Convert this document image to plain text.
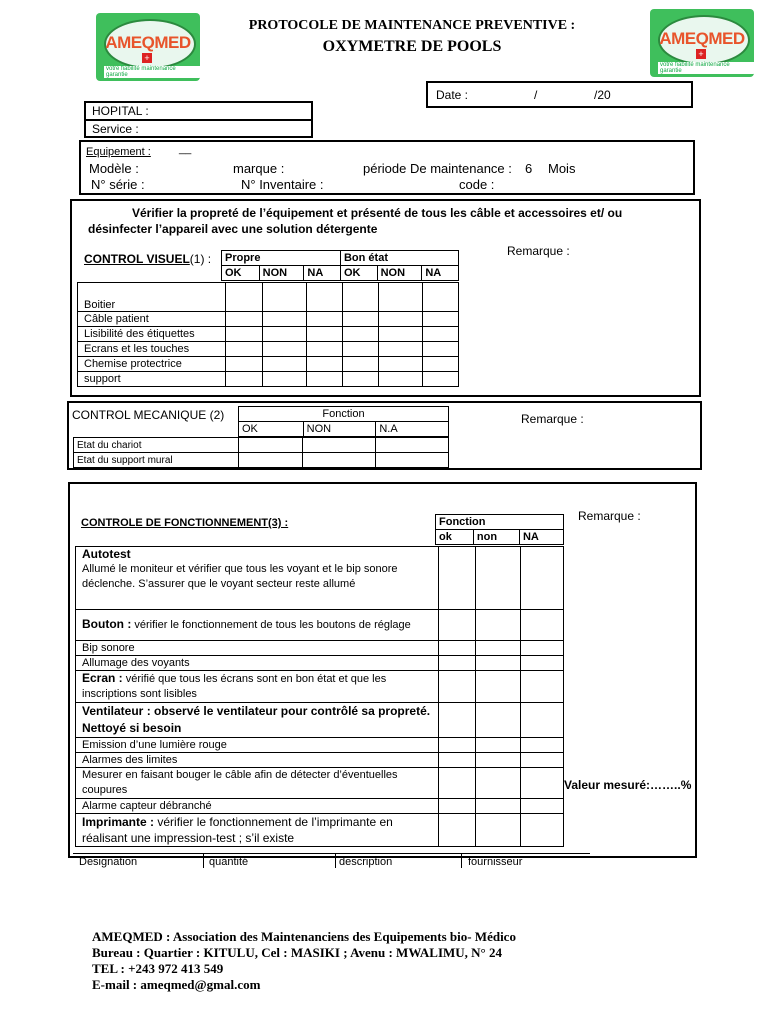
AMEQMED
+
votre fiabilité maintenance garantie
AMEQMED
+
votre fiabilité maintenance garantie
PROTOCOLE DE MAINTENANCE PREVENTIVE :
OXYMETRE DE POOLS
Date :	/	/20
HOPITAL :
Service :
Equipement :	__
Modèle :	marque :	période De maintenance : 6 Mois
N° série :	N° Inventaire :	code :
Vérifier la propreté de l’équipement et présenté de tous les câble et accessoires et/ ou désinfecter l’appareil avec une solution détergente
CONTROL VISUEL(1) :
Remarque :
Propre			Bon état		
OK	NON	NA	OK	NON	NA
Boitier						
Câble patient						
Lisibilité des étiquettes						
Ecrans et les touches						
Chemise protectrice						
support						
CONTROL MECANIQUE (2)	Remarque :
Fonction
OK	NON	N.A
Etat du chariot			
Etat du support mural			
CONTROLE DE FONCTIONNEMENT(3) :	Remarque :
Fonction
ok	non	NA
Valeur mesuré:……..%
Autotest
Allumé le moniteur et vérifier que tous les voyant et le bip sonore déclenche. S’assurer que le voyant secteur reste allumé			

Bouton : vérifier le fonctionnement de tous les boutons de réglage			
Bip sonore			
Allumage des voyants			
Ecran : vérifié que tous les écrans sont en bon état et que les inscriptions sont lisibles			
Ventilateur : observé le ventilateur pour contrôlé sa propreté. Nettoyé si besoin			
Emission d’une lumière rouge			
Alarmes des limites			
Mesurer en faisant bouger le câble afin de détecter d’éventuelles coupures			
Alarme capteur débranché			
Imprimante : vérifier le fonctionnement de l’imprimante en réalisant une impression-test ; s’il existe			
Designation	quantité	description	fournisseur
AMEQMED : Association des Maintenanciens des Equipements bio- Médico
Bureau : Quartier : KITULU, Cel : MASIKI ; Avenu : MWALIMU, N° 24
TEL : +243 972 413 549
E-mail : ameqmed@gmal.com
